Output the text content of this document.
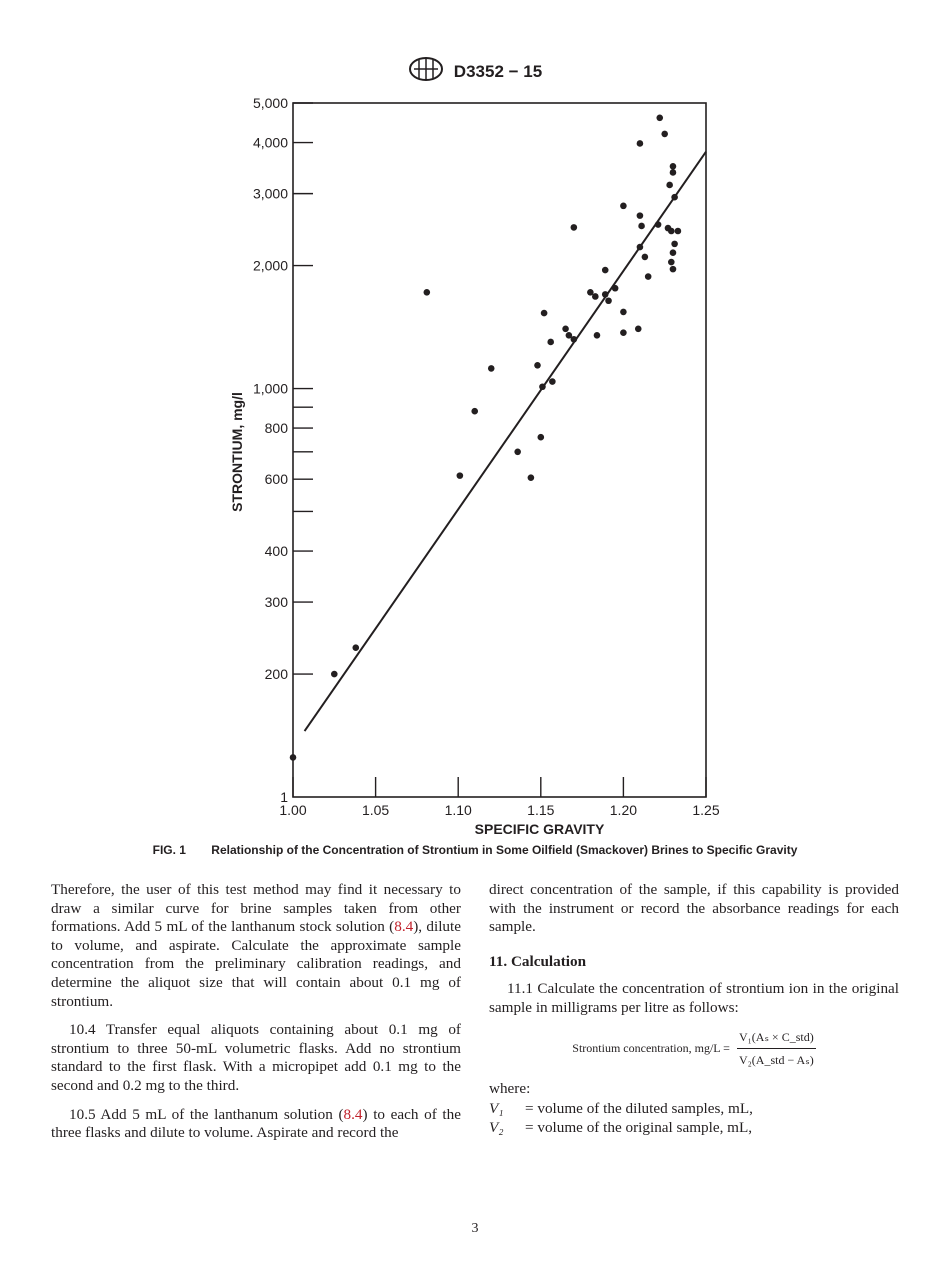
D3352 − 15
1
200
300
400
600
800
1,000
2,000
3,000
4,000
5,000
1.00	1.05	1.10	1.15	1.20	1.25
SPECIFIC GRAVITY
STRONTIUM, mg/l
FIG. 1 Relationship of the Concentration of Strontium in Some Oilfield (Smackover) Brines to Specific Gravity

Therefore, the user of this test method may find it necessary to draw a similar curve for brine samples taken from other formations. Add 5 mL of the lanthanum stock solution (8.4), dilute to volume, and aspirate. Calculate the approximate sample concentration from the preliminary calibration readings, and determine the aliquot size that will contain about 0.1 mg of strontium.

10.4 Transfer equal aliquots containing about 0.1 mg of strontium to three 50-mL volumetric flasks. Add no strontium standard to the first flask. With a micropipet add 0.1 mg to the second and 0.2 mg to the third.

10.5 Add 5 mL of the lanthanum solution (8.4) to each of the three flasks and dilute to volume. Aspirate and record the

direct concentration of the sample, if this capability is provided with the instrument or record the absorbance readings for each sample.

11. Calculation

11.1 Calculate the concentration of strontium ion in the original sample in milligrams per litre as follows:

Strontium concentration, $mg/L = \frac{\text{V₁(Aₛ × C\_std)}}{\text{V₂(A\_std − Aₛ)}}$
where:
V₁	= volume of the diluted samples, mL,
V₂	= volume of the original sample, mL,
3
